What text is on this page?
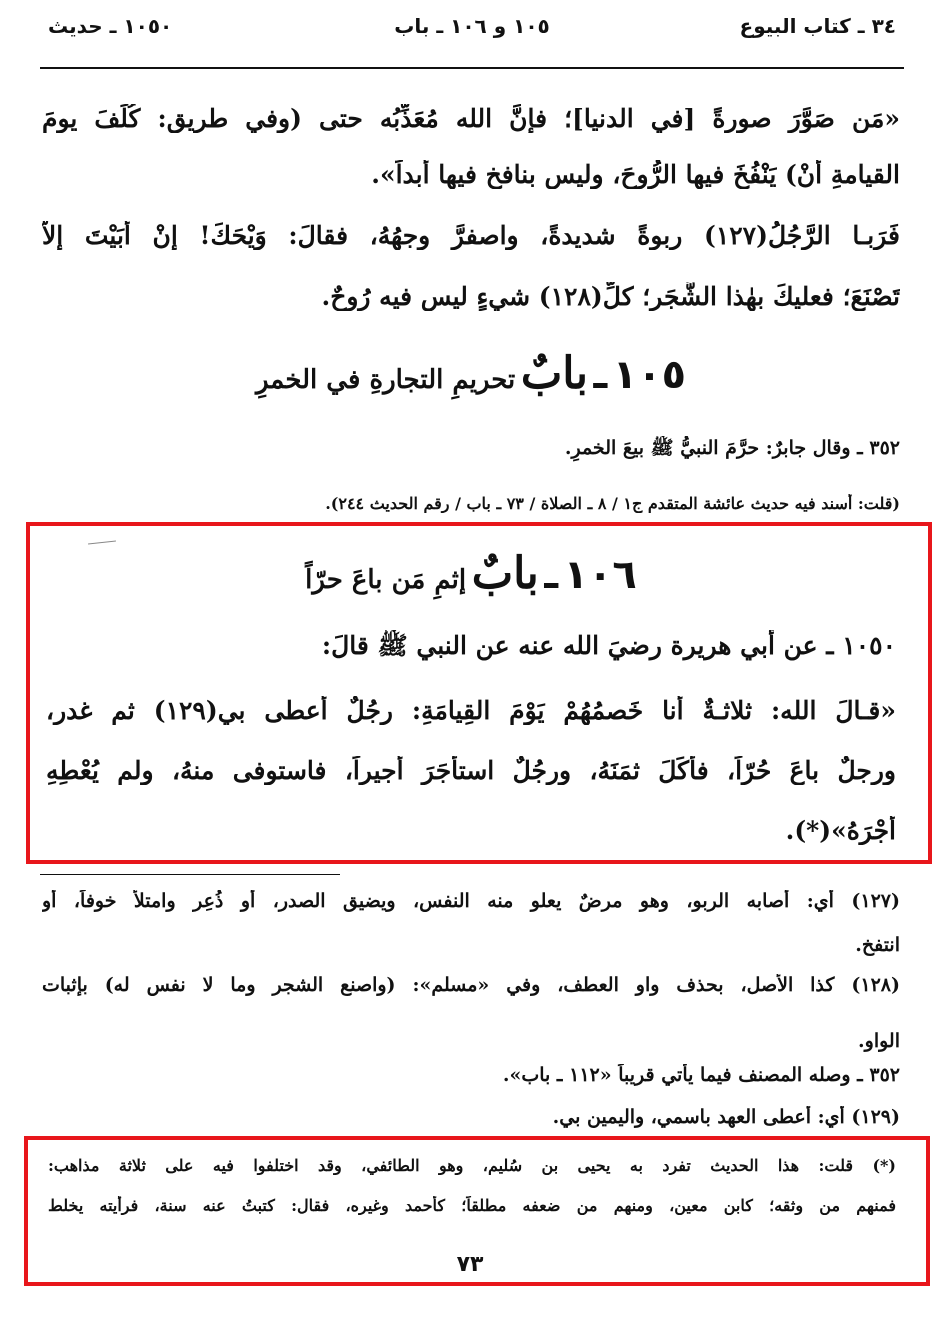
٣٤ ـ كتاب البيوع
١٠٥ و ١٠٦ ـ باب
١٠٥٠ ـ حديث
«مَن صَوَّرَ صورةً [في الدنيا]؛ فإنَّ الله مُعَذِّبُه حتى (وفي طريق: كُلِّفَ يومَ
القيامةِ أنْ) يَنْفُخَ فيها الرُّوحَ، وليس بنافخٍ فيها أبداً».
فَرَبـا الرَّجُلُ(١٢٧) ربوةً شديدةً، واصفرَّ وجهُهُ، فقالَ: وَيْحَكَ! إنْ أبَيْتَ إلاَّ
تَصْنَعَ؛ فعليكَ بهٰذا الشَّجَرِ؛ كلِّ(١٢٨) شيءٍ ليس فيه رُوحٌ.
١٠٥ ـ بابٌ تحريمِ التجارةِ في الخمرِ
٣٥٢ ـ وقال جابرٌ: حرَّمَ النبيُّ ﷺ بيعَ الخمرِ.
(قلت: أسند فيه حديث عائشة المتقدم ج١ / ٨ ـ الصلاة / ٧٣ ـ باب / رقم الحديث ٢٤٤).
١٠٦ ـ بابٌ إثمِ مَن باعَ حرّاً
١٠٥٠ ـ عن أبي هريرة رضيَ الله عنه عن النبي ﷺ قالَ:
«قـالَ الله: ثلاثـةٌ أنا خَصمُهُمْ يَوْمَ القِيامَةِ: رجُلٌ أعطى بي(١٢٩) ثم غدر،
ورجلٌ باعَ حُرّاً، فأكَلَ ثمَنَهُ، ورجُلٌ استأجَرَ أجيراً، فاستوفى منهُ، ولم يُعْطِهِ
أجْرَهُ»(*).
(١٢٧) أي: أصابه الربو، وهو مرضٌ يعلو منه النفس، ويضيق الصدر، أو ذُعِر وامتلأ خوفاً، أو
انتفخ.
(١٢٨) كذا الأصل، بحذف واو العطف، وفي «مسلم»: (واصنع الشجر وما لا نفس له) بإثبات
الواو.
٣٥٢ ـ وصله المصنف فيما يأتي قريباً «١١٢ ـ باب».
(١٢٩) أي: أعطى العهد باسمي، واليمين بي.
(*) قلت: هذا الحديث تفرد به يحيى بن سُليم، وهو الطائفي، وقد اختلفوا فيه على ثلاثة مذاهب:
فمنهم من وثقه؛ كابن معين، ومنهم من ضعفه مطلقاً؛ كأحمد وغيره، فقال: كتبتُ عنه سنة، فرأيته يخلط
٧٣
